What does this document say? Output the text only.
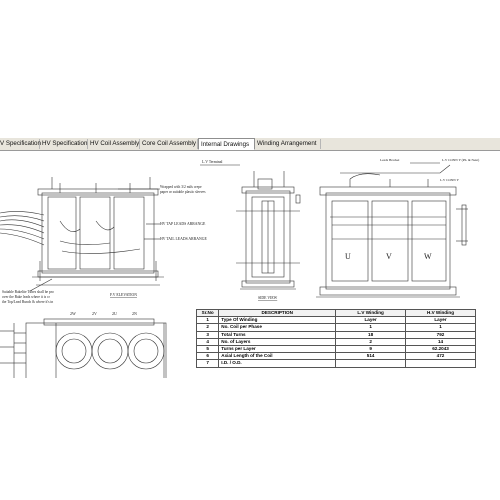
V Specification HV Specification HV Coil Assembly Core Coil Assembly Internal Drawings	Winding Arrangement
U	V	W
2W	2V	2U	2N
Wrapped with 3/2 mils crepe paper or suitable plastic sleeves
HV TAP LEADS ARRANGE
HV TAIL LEADS ARRANGE
Suitable Bakelite Tubes shall be pro over the Bake leads where it is cr the Top/Lead Bunch & where it's in
F.V ELEVATION
L.V Terminal
SIDE VIEW
L.V CONN Y (Ph. & Neut)
L.V CONN Y
Leads Bracket
Sr.No	DESCRIPTION	L.V Winding	H.V Winding
1	Type Of Winding	Layer	Layer
2	No. Coil per Phase	1	1
3	Total Turns	18	792
4	No. of Layers	2	14
5	Turns per Layer	9	62.2043
6	Axial Length of the Coil	514	472
7	I.D. / O.D.		
